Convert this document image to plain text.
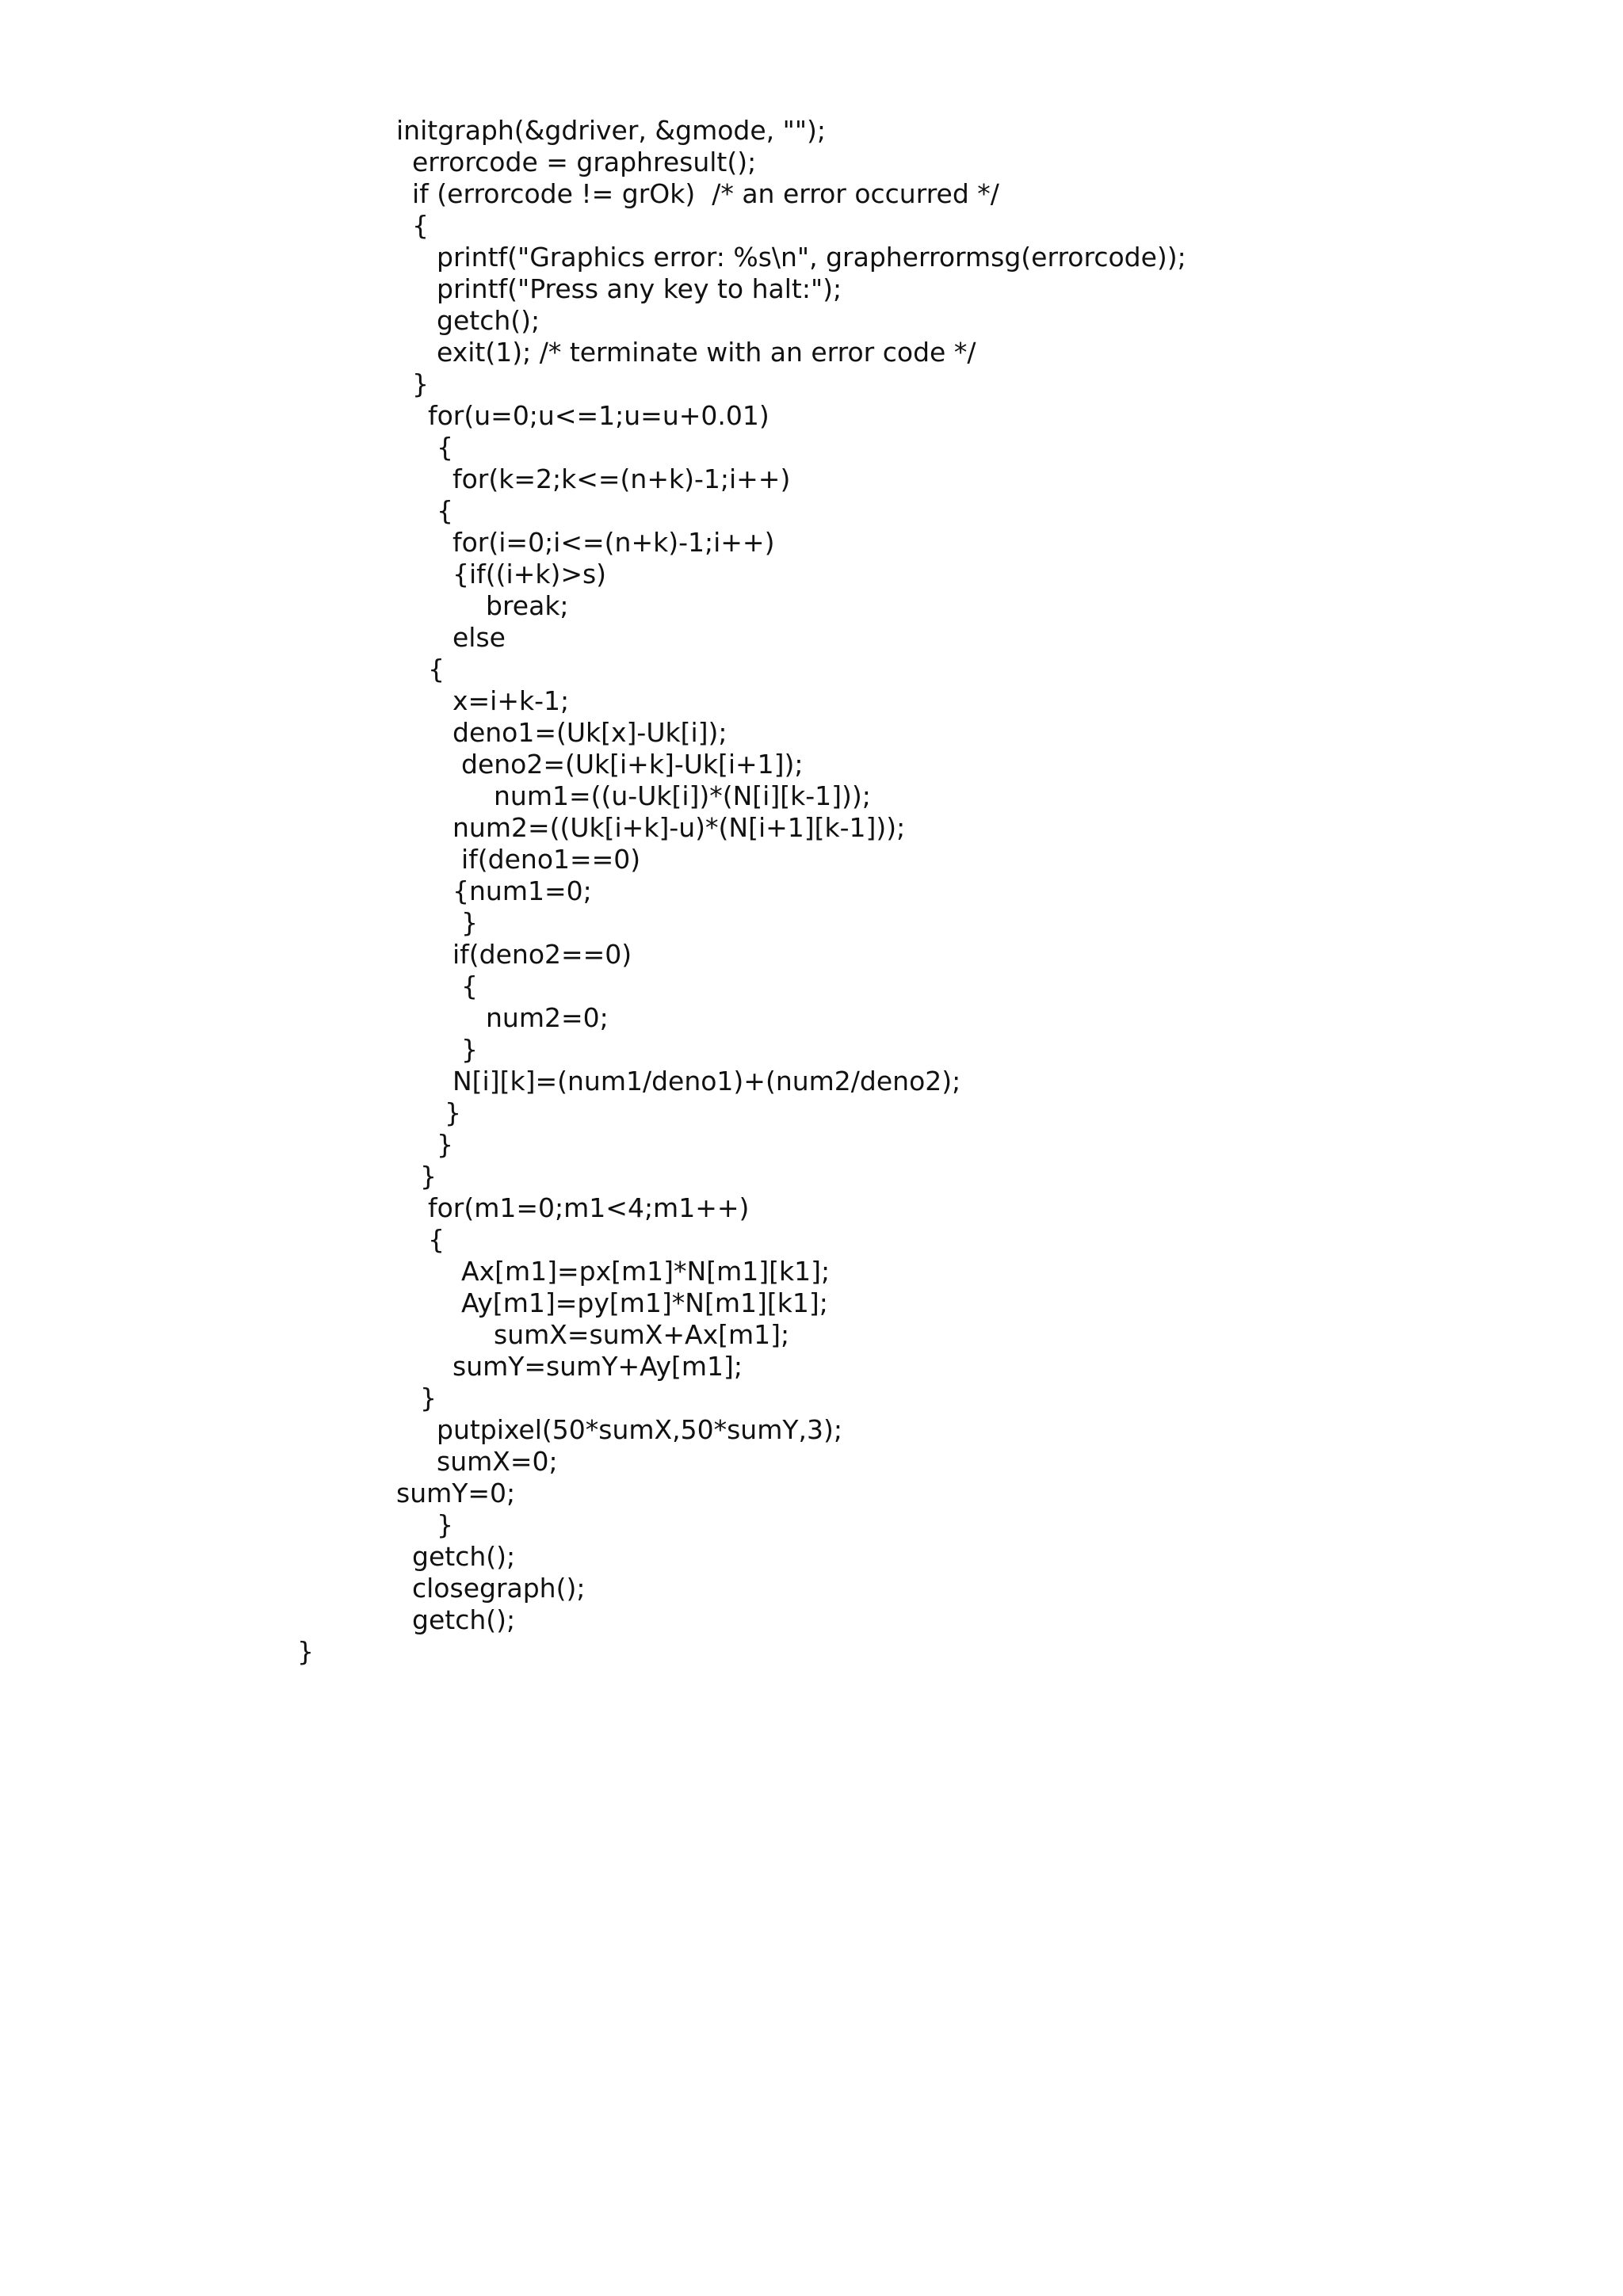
initgraph(&gdriver, &gmode, "");
errorcode = graphresult();
if (errorcode != grOk)  /* an error occurred */
{
printf("Graphics error: %s\n", grapherrormsg(errorcode));
printf("Press any key to halt:");
getch();
exit(1); /* terminate with an error code */
}
for(u=0;u<=1;u=u+0.01)
{
for(k=2;k<=(n+k)-1;i++)
{
for(i=0;i<=(n+k)-1;i++)
{if((i+k)>s)
break;
else
{
x=i+k-1;
deno1=(Uk[x]-Uk[i]);
deno2=(Uk[i+k]-Uk[i+1]);
num1=((u-Uk[i])*(N[i][k-1]));
num2=((Uk[i+k]-u)*(N[i+1][k-1]));
if(deno1==0)
{num1=0;
}
if(deno2==0)
{
num2=0;
}
N[i][k]=(num1/deno1)+(num2/deno2);
}
}
}
for(m1=0;m1<4;m1++)
{
Ax[m1]=px[m1]*N[m1][k1];
Ay[m1]=py[m1]*N[m1][k1];
sumX=sumX+Ax[m1];
sumY=sumY+Ay[m1];
}
putpixel(50*sumX,50*sumY,3);
sumX=0;
sumY=0;
}
getch();
closegraph();
getch();
}
